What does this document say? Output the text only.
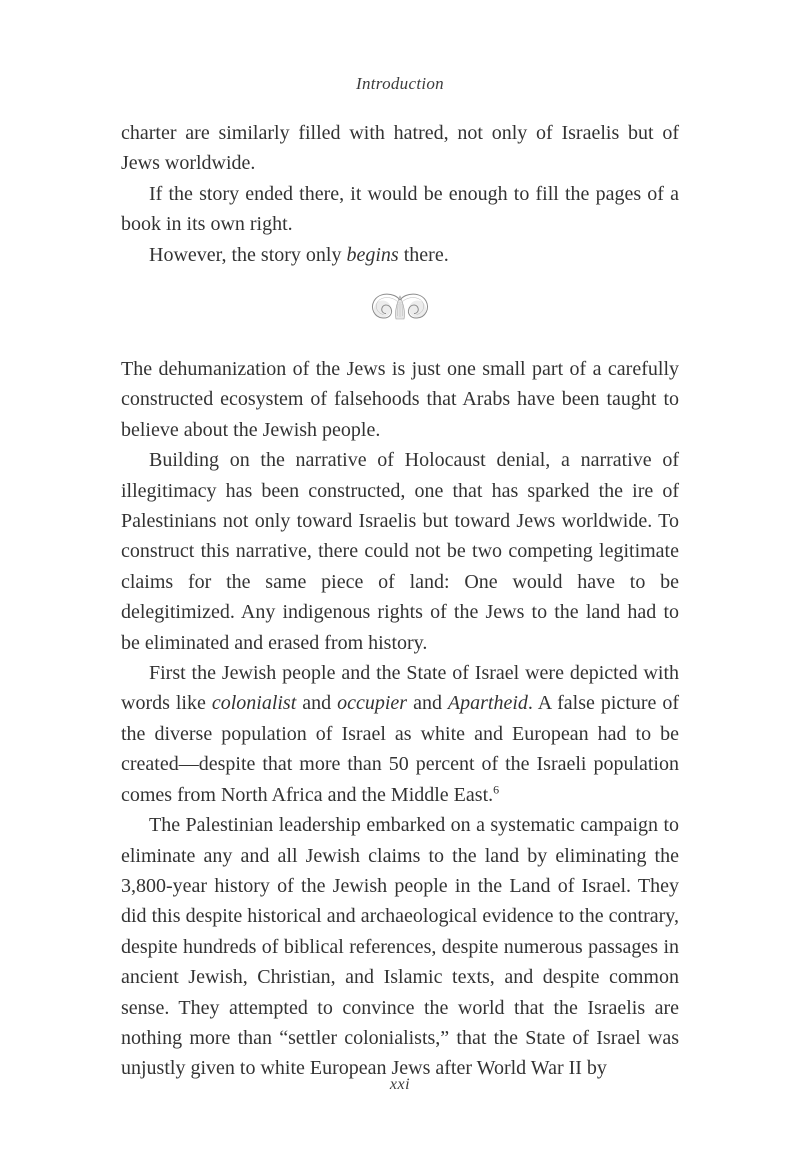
Introduction
charter are similarly filled with hatred, not only of Israelis but of Jews worldwide.
If the story ended there, it would be enough to fill the pages of a book in its own right.
However, the story only begins there.
The dehumanization of the Jews is just one small part of a carefully constructed ecosystem of falsehoods that Arabs have been taught to believe about the Jewish people.
Building on the narrative of Holocaust denial, a narrative of illegitimacy has been constructed, one that has sparked the ire of Palestinians not only toward Israelis but toward Jews worldwide. To construct this narrative, there could not be two competing legitimate claims for the same piece of land: One would have to be delegitimized. Any indigenous rights of the Jews to the land had to be eliminated and erased from history.
First the Jewish people and the State of Israel were depicted with words like colonialist and occupier and Apartheid. A false picture of the diverse population of Israel as white and European had to be created—despite that more than 50 percent of the Israeli population comes from North Africa and the Middle East.$^6$
The Palestinian leadership embarked on a systematic campaign to eliminate any and all Jewish claims to the land by eliminating the 3,800-year history of the Jewish people in the Land of Israel. They did this despite historical and archaeological evidence to the contrary, despite hundreds of biblical references, despite numerous passages in ancient Jewish, Christian, and Islamic texts, and despite common sense. They attempted to convince the world that the Israelis are nothing more than “settler colonialists,” that the State of Israel was unjustly given to white European Jews after World War II by
xxi
